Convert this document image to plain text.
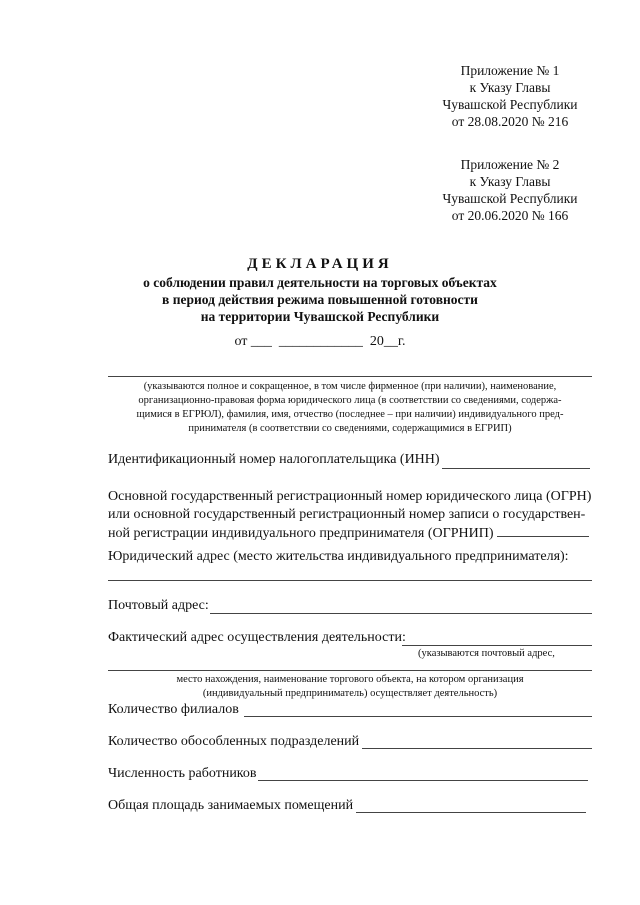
Приложение № 1
к Указу Главы
Чувашской Республики
от 28.08.2020 № 216
Приложение № 2
к Указу Главы
Чувашской Республики
от 20.06.2020 № 166
ДЕКЛАРАЦИЯ
о соблюдении правил деятельности на торговых объектах
в период действия режима повышенной готовности
на территории Чувашской Республики
от ___  ____________  20__г.
(указываются полное и сокращенное, в том числе фирменное (при наличии), наименование,
организационно-правовая форма юридического лица (в соответствии со сведениями, содержа-
щимися в ЕГРЮЛ), фамилия, имя, отчество (последнее – при наличии) индивидуального пред-
принимателя (в соответствии со сведениями, содержащимися в ЕГРИП)
Идентификационный номер налогоплательщика (ИНН)
Основной государственный регистрационный номер юридического лица (ОГРН)
или основной государственный регистрационный номер записи о государствен-
ной регистрации индивидуального предпринимателя (ОГРНИП)
Юридический адрес (место жительства индивидуального предпринимателя):
Почтовый адрес:
Фактический адрес осуществления деятельности:
(указываются почтовый адрес,
место нахождения, наименование торгового объекта, на котором организация
(индивидуальный предприниматель) осуществляет деятельность)
Количество филиалов
Количество обособленных подразделений
Численность работников
Общая площадь занимаемых помещений
